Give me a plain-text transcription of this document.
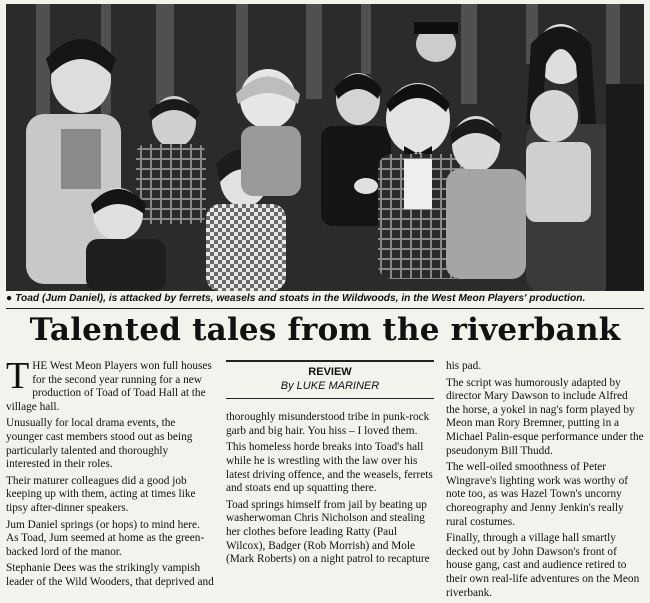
● Toad (Jum Daniel), is attacked by ferrets, weasels and stoats in the Wildwoods, in the West Meon Players' production.
Talented tales from the riverbank

THE West Meon Players won full houses for the second year running for a new production of Toad of Toad Hall at the village hall.

Unusually for local drama events, the younger cast members stood out as being particularly talented and thoroughly interested in their roles.

Their maturer colleagues did a good job keeping up with them, acting at times like tipsy after-dinner speakers.

Jum Daniel springs (or hops) to mind here. As Toad, Jum seemed at home as the green-backed lord of the manor.

Stephanie Dees was the strikingly vampish leader of the Wild Wooders, that deprived and

REVIEW
By LUKE MARINER

thoroughly misunderstood tribe in punk-rock garb and big hair. You hiss – I loved them.

This homeless horde breaks into Toad's hall while he is wrestling with the law over his latest driving offence, and the weasels, ferrets and stoats end up squatting there.

Toad springs himself from jail by beating up washerwoman Chris Nicholson and stealing her clothes before leading Ratty (Paul Wilcox), Badger (Rob Morrish) and Mole (Mark Roberts) on a night patrol to recapture

his pad.

The script was humorously adapted by director Mary Dawson to include Alfred the horse, a yokel in nag's form played by Meon man Rory Bremner, putting in a Michael Palin-esque performance under the pseudonym Bill Thudd.

The well-oiled smoothness of Peter Wingrave's lighting work was worthy of note too, as was Hazel Town's uncorny choreography and Jenny Jenkin's really rural costumes.

Finally, through a village hall smartly decked out by John Dawson's front of house gang, cast and audience retired to their own real-life adventures on the Meon riverbank.
